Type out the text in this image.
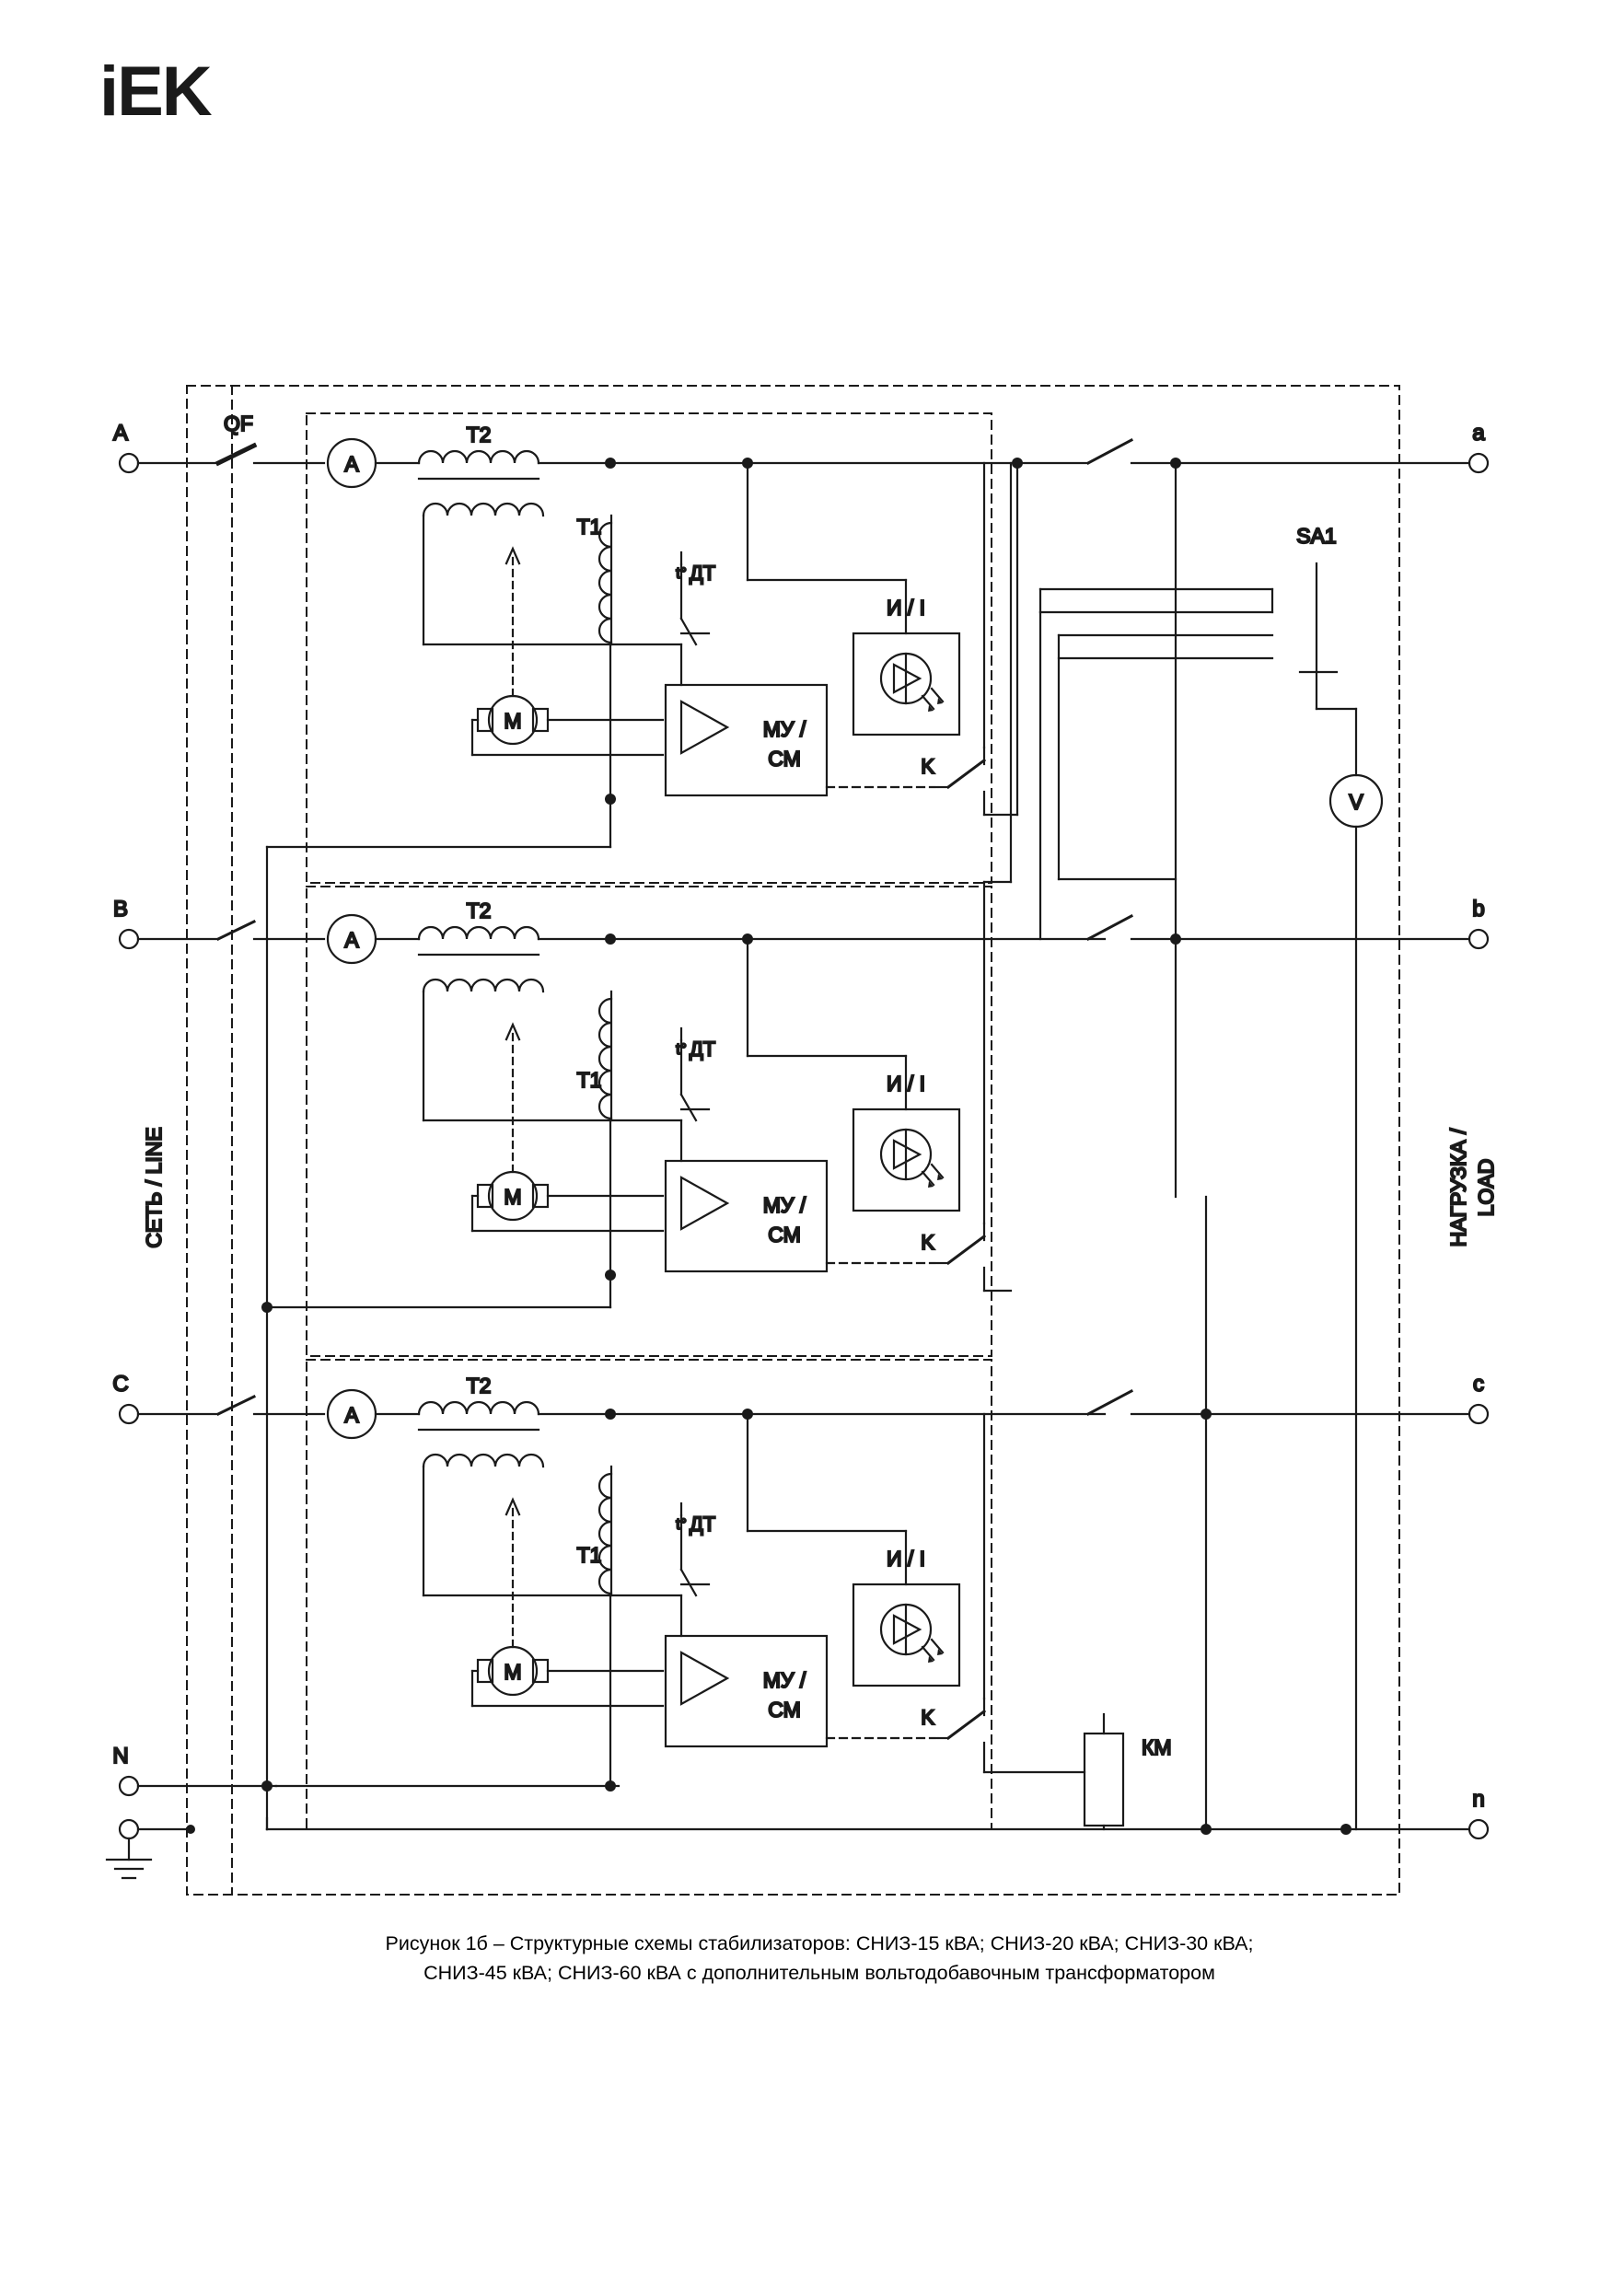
iEK
A	QF
B
C
N
СЕТЬ / LINE	НАГРУЗКА / LOAD
A
T2
T1
M
t° ДТ
МУ /
СМ
И / I
K
A
T2
T1
M
t° ДТ
МУ /
СМ
И / I
K
A
T2
T1
M
t° ДТ
МУ /
СМ
И / I
K
a
b
c
n
SA1
V
КМ
Рисунок 1б – Структурные схемы стабилизаторов: СНИЗ-15 кВА; СНИЗ-20 кВА; СНИЗ-30 кВА;
СНИЗ-45 кВА; СНИЗ-60 кВА с дополнительным вольтодобавочным трансформатором
